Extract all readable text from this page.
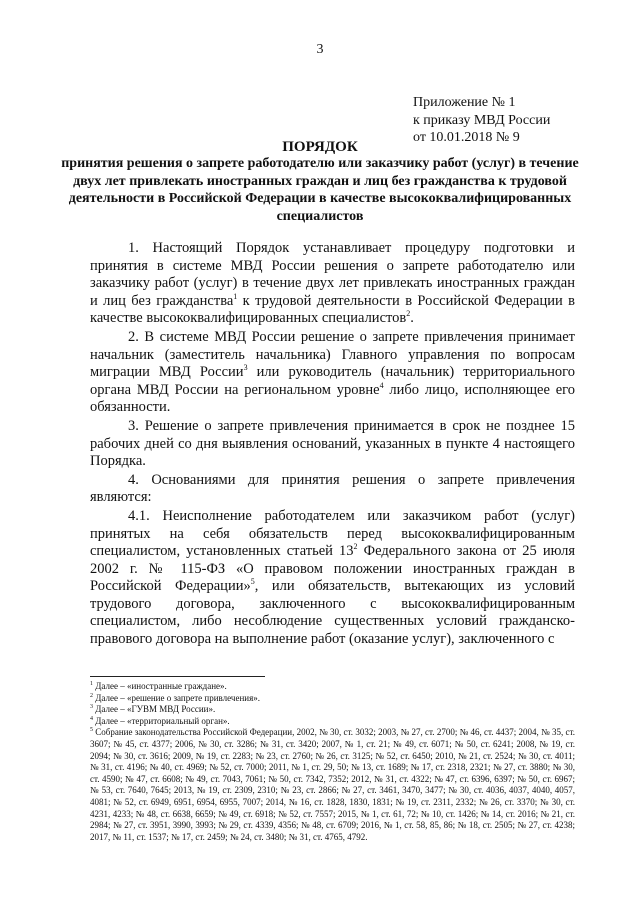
3
Приложение № 1
к приказу МВД России
от 10.01.2018 № 9
ПОРЯДОК
принятия решения о запрете работодателю или заказчику работ (услуг) в течение двух лет привлекать иностранных граждан и лиц без гражданства к трудовой деятельности в Российской Федерации в качестве высококвалифицированных специалистов

1. Настоящий Порядок устанавливает процедуру подготовки и принятия в системе МВД России решения о запрете работодателю или заказчику работ (услуг) в течение двух лет привлекать иностранных граждан и лиц без гражданства$^1$ к трудовой деятельности в Российской Федерации в качестве высококвалифицированных специалистов$^2$.

2. В системе МВД России решение о запрете привлечения принимает начальник (заместитель начальника) Главного управления по вопросам миграции МВД России$^3$ или руководитель (начальник) территориального органа МВД России на региональном уровне$^4$ либо лицо, исполняющее его обязанности.

3. Решение о запрете привлечения принимается в срок не позднее 15 рабочих дней со дня выявления оснований, указанных в пункте 4 настоящего Порядка.

4. Основаниями для принятия решения о запрете привлечения являются:

4.1. Неисполнение работодателем или заказчиком работ (услуг) принятых на себя обязательств перед высококвалифицированным специалистом, установленных статьей $13^2$ Федерального закона от 25 июля 2002 г. № 115-ФЗ «О правовом положении иностранных граждан в Российской Федерации»$^5$, или обязательств, вытекающих из условий трудового договора, заключенного с высококвалифицированным специалистом, либо несоблюдение существенных условий гражданско-правового договора на выполнение работ (оказание услуг), заключенного с

$^1$ Далее – «иностранные граждане».

$^2$ Далее – «решение о запрете привлечения».

$^3$ Далее – «ГУВМ МВД России».

$^4$ Далее – «территориальный орган».

$^5$ Собрание законодательства Российской Федерации, 2002, № 30, ст. 3032; 2003, № 27, ст. 2700; № 46, ст. 4437; 2004, № 35, ст. 3607; № 45, ст. 4377; 2006, № 30, ст. 3286; № 31, ст. 3420; 2007, № 1, ст. 21; № 49, ст. 6071; № 50, ст. 6241; 2008, № 19, ст. 2094; № 30, ст. 3616; 2009, № 19, ст. 2283; № 23, ст. 2760; № 26, ст. 3125; № 52, ст. 6450; 2010, № 21, ст. 2524; № 30, ст. 4011; № 31, ст. 4196; № 40, ст. 4969; № 52, ст. 7000; 2011, № 1, ст. 29, 50; № 13, ст. 1689; № 17, ст. 2318, 2321; № 27, ст. 3880; № 30, ст. 4590; № 47, ст. 6608; № 49, ст. 7043, 7061; № 50, ст. 7342, 7352; 2012, № 31, ст. 4322; № 47, ст. 6396, 6397; № 50, ст. 6967; № 53, ст. 7640, 7645; 2013, № 19, ст. 2309, 2310; № 23, ст. 2866; № 27, ст. 3461, 3470, 3477; № 30, ст. 4036, 4037, 4040, 4057, 4081; № 52, ст. 6949, 6951, 6954, 6955, 7007; 2014, № 16, ст. 1828, 1830, 1831; № 19, ст. 2311, 2332; № 26, ст. 3370; № 30, ст. 4231, 4233; № 48, ст. 6638, 6659; № 49, ст. 6918; № 52, ст. 7557; 2015, № 1, ст. 61, 72; № 10, ст. 1426; № 14, ст. 2016; № 21, ст. 2984; № 27, ст. 3951, 3990, 3993; № 29, ст. 4339, 4356; № 48, ст. 6709; 2016, № 1, ст. 58, 85, 86; № 18, ст. 2505; № 27, ст. 4238; 2017, № 11, ст. 1537; № 17, ст. 2459; № 24, ст. 3480; № 31, ст. 4765, 4792.
